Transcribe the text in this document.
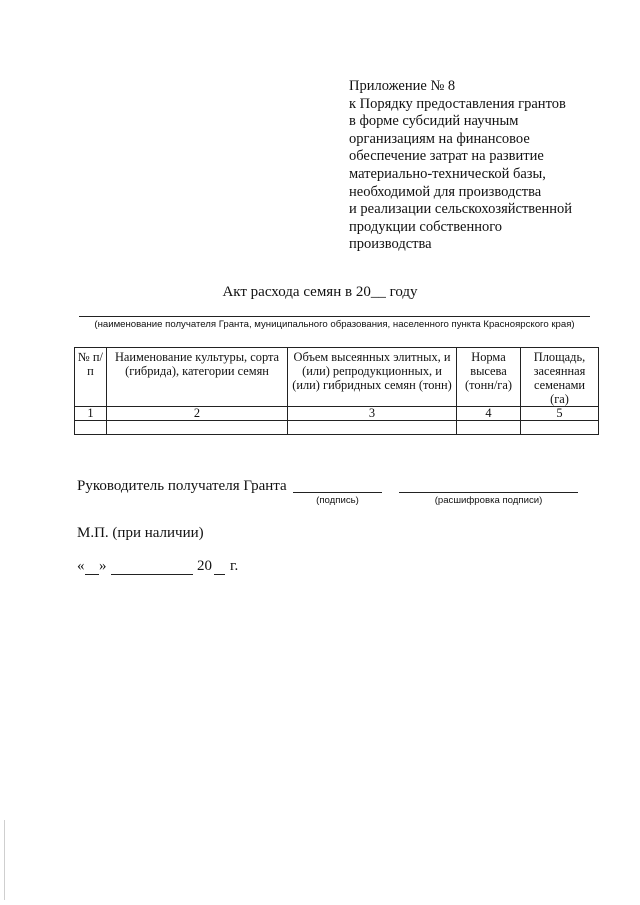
Приложение № 8
к Порядку предоставления грантов
в форме субсидий научным
организациям на финансовое
обеспечение затрат на развитие
материально-технической базы,
необходимой для производства
и реализации сельскохозяйственной
продукции собственного
производства
Акт расхода семян в 20__ году
(наименование получателя Гранта, муниципального образования, населенного пункта Красноярского края)
№ п/п	Наименование культуры, сорта (гибрида), категории семян	Объем высеянных элитных, и (или) репродукционных, и (или) гибридных семян (тонн)	Норма высева (тонн/га)	Площадь, засеянная семенами (га)
1	2	3	4	5

Руководитель получателя Гранта
(подпись)	(расшифровка подписи)
М.П. (при наличии)
« »	20 г.
